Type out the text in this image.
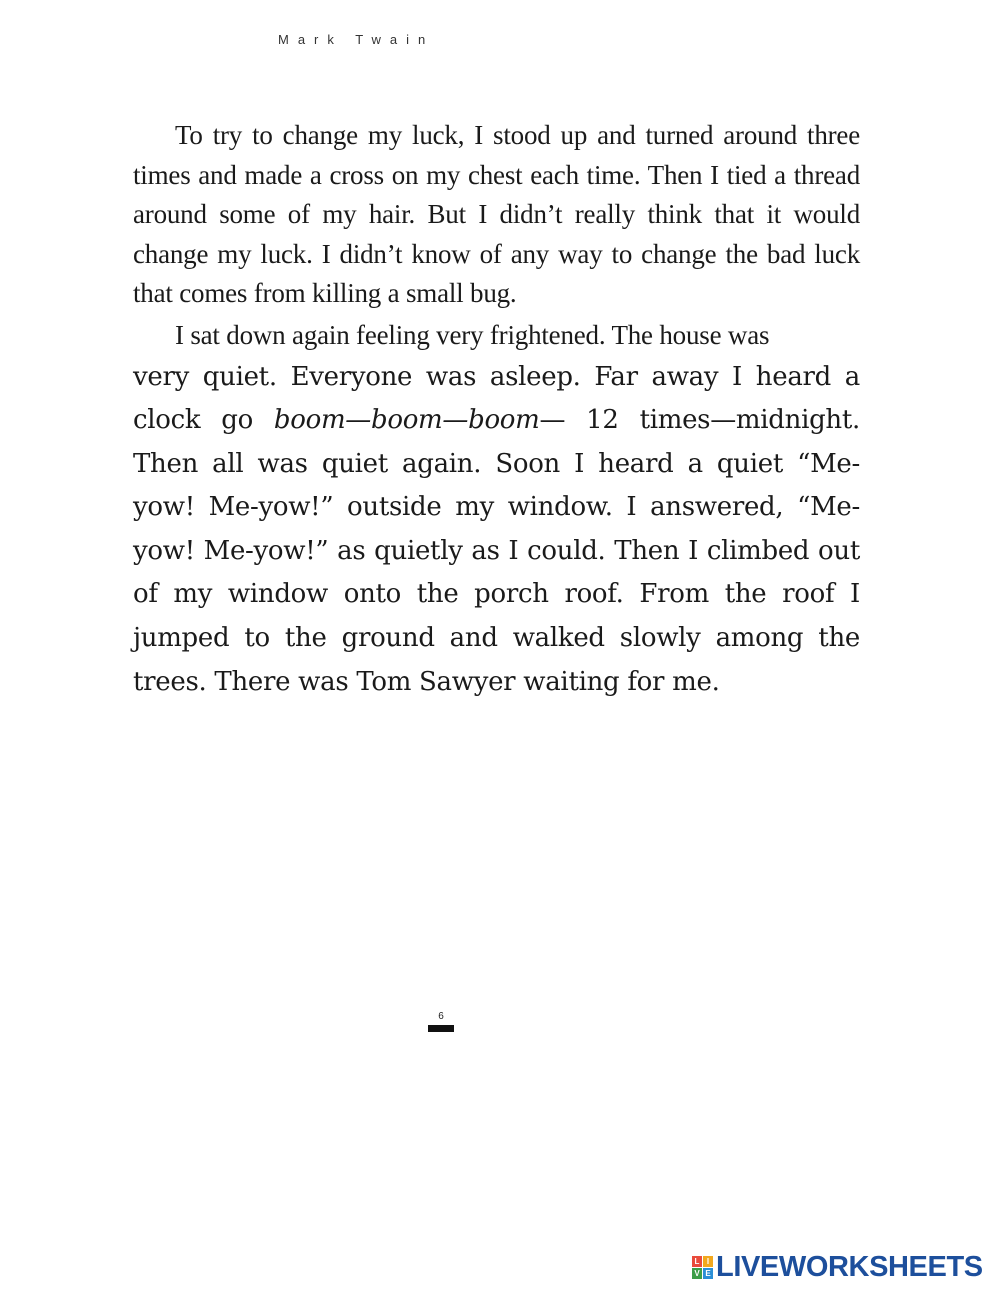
Mark Twain

To try to change my luck, I stood up and turned around three times and made a cross on my chest each time. Then I tied a thread around some of my hair. But I didn’t really think that it would change my luck. I didn’t know of any way to change the bad luck that comes from killing a small bug.

I sat down again feeling very frightened. The house was

very quiet. Everyone was asleep. Far away I heard a clock go boom—boom—boom— 12 times—midnight. Then all was quiet again. Soon I heard a quiet “Me-yow! Me-yow!” outside my window. I answered, “Me-yow! Me-yow!” as quietly as I could. Then I climbed out of my window onto the porch roof. From the roof I jumped to the ground and walked slowly among the trees. There was Tom Sawyer waiting for me.

6
L I
V E LIVEWORKSHEETS
